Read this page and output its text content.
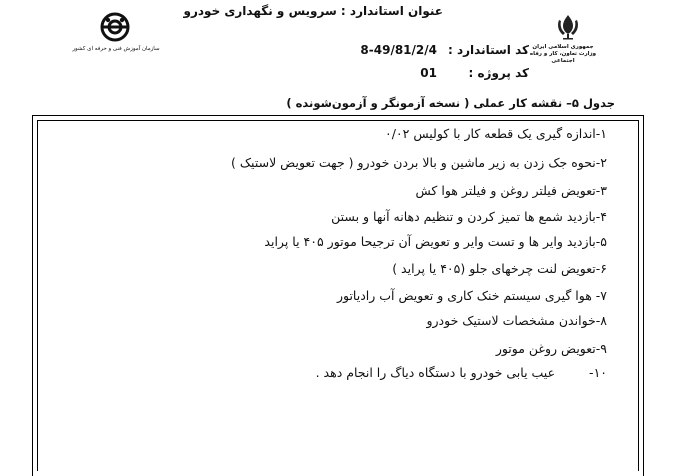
عنوان استاندارد : سرویس و نگهداری خودرو
کد استاندارد :
8-49/81/2/4
کد پروژه :
01
جمهوری اسلامی ایران
وزارت تعاون، کار و رفاه اجتماعی
سازمان آموزش فنی و حرفه ای کشور
جدول ۵– نقشه کار عملی ( نسخه آزمونگر و آزمون‌شونده )
۱-اندازه گیری یک قطعه کار با کولیس ۰/۰۲
۲-نحوه جک زدن به زیر ماشین و بالا بردن خودرو ( جهت تعویض لاستیک )
۳-تعویض فیلتر روغن و فیلتر هوا کش
۴-بازدید شمع ها تمیز کردن و تنظیم دهانه آنها و بستن
۵-بازدید وایر ها و تست وایر و تعویض آن ترجیحا موتور ۴۰۵ یا پراید
۶-تعویض لنت چرخهای جلو (۴۰۵ یا پراید )
۷- هوا گیری سیستم خنک کاری و تعویض آب رادیاتور
۸-خواندن مشخصات لاستیک خودرو
۹-تعویض روغن موتور
۱۰-عیب یابی خودرو با دستگاه دیاگ را انجام دهد .
